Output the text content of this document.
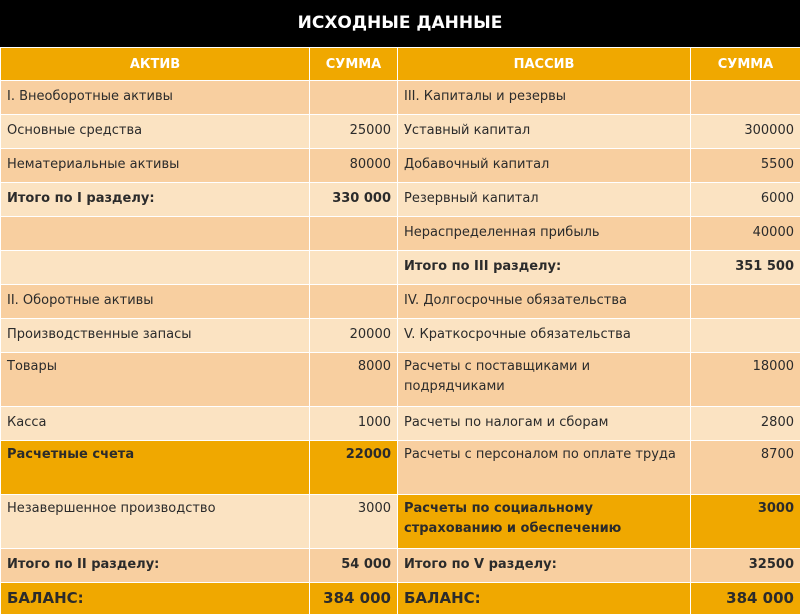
ИСХОДНЫЕ ДАННЫЕ
АКТИВ	СУММА	ПАССИВ	СУММА
I. Внеоборотные активы		III. Капиталы и резервы	
Основные средства	25000	Уставный капитал	300000
Нематериальные активы	80000	Добавочный капитал	5500
Итого по I разделу:	330 000	Резервный капитал	6000
		Нераспределенная прибыль	40000
		Итого по III разделу:	351 500
II. Оборотные активы		IV. Долгосрочные обязательства	
Производственные запасы	20000	V. Краткосрочные обязательства	
Товары	8000	Расчеты с поставщиками и подрядчиками	18000
Касса	1000	Расчеты по налогам и сборам	2800
Расчетные счета	22000	Расчеты с персоналом по оплате труда	8700
Незавершенное производство	3000	Расчеты по социальному страхованию и обеспечению	3000
Итого по II разделу:	54 000	Итого по V разделу:	32500
БАЛАНС:	384 000	БАЛАНС:	384 000
